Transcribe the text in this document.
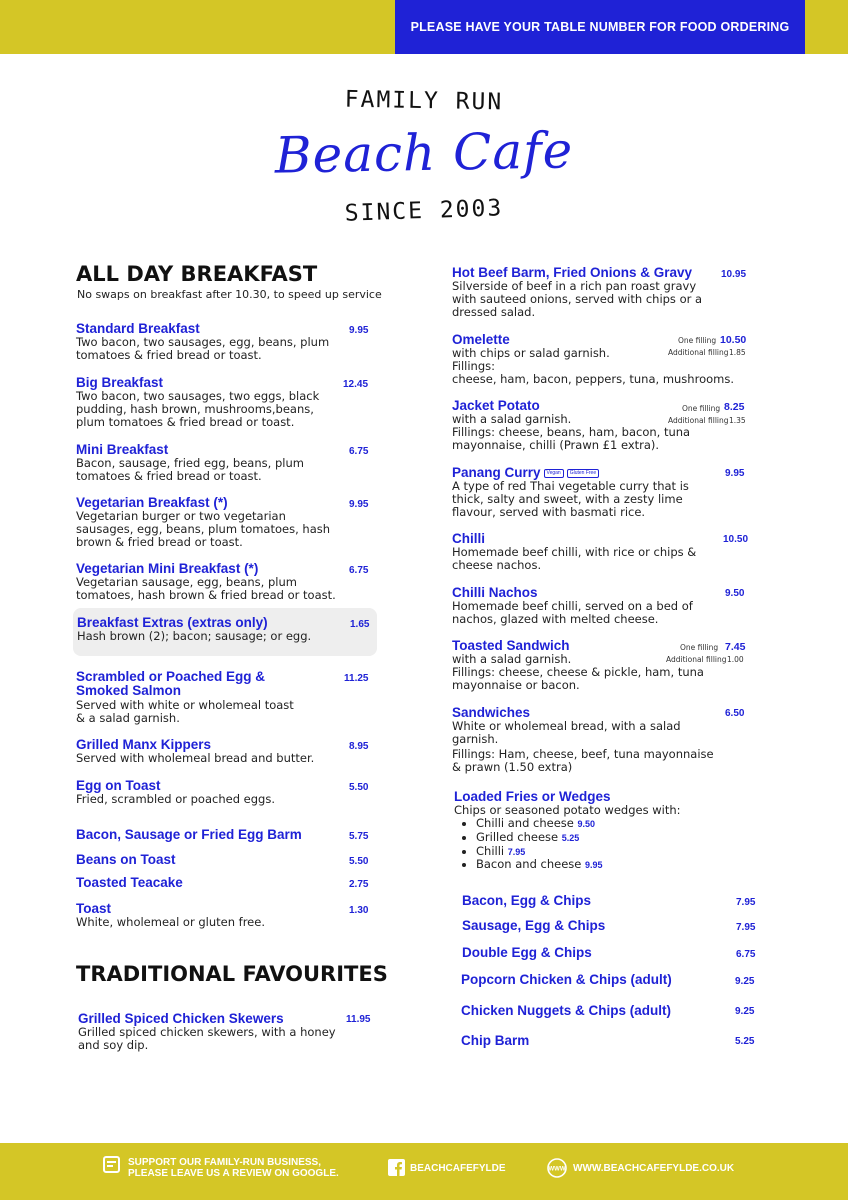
PLEASE HAVE YOUR TABLE NUMBER FOR FOOD ORDERING
FAMILY RUN
Beach Cafe
SINCE 2003
ALL DAY BREAKFAST
No swaps on breakfast after 10.30, to speed up service
Standard Breakfast
Two bacon, two sausages, egg, beans, plum tomatoes & fried bread or toast.
9.95
Big Breakfast
Two bacon, two sausages, two eggs, black pudding, hash brown, mushrooms,beans, plum tomatoes & fried bread or toast.
12.45
Mini Breakfast
Bacon, sausage, fried egg, beans, plum tomatoes & fried bread or toast.
6.75
Vegetarian Breakfast (*)
Vegetarian burger or two vegetarian sausages, egg, beans, plum tomatoes, hash brown & fried bread or toast.
9.95
Vegetarian Mini Breakfast (*)
Vegetarian sausage, egg, beans, plum tomatoes, hash brown & fried bread or toast.
6.75
Breakfast Extras (extras only)
Hash brown (2); bacon; sausage; or egg.
1.65
Scrambled or Poached Egg & Smoked Salmon
Served with white or wholemeal toast & a salad garnish.
11.25
Grilled Manx Kippers
Served with wholemeal bread and butter.
8.95
Egg on Toast
Fried, scrambled or poached eggs.
5.50
Bacon, Sausage or Fried Egg Barm	5.75
Beans on Toast	5.50
Toasted Teacake	2.75
Toast
White, wholemeal or gluten free.
1.30
TRADITIONAL FAVOURITES
Grilled Spiced Chicken Skewers
Grilled spiced chicken skewers, with a honey and soy dip.
11.95
Hot Beef Barm, Fried Onions & Gravy
Silverside of beef in a rich pan roast gravy with sauteed onions, served with chips or a dressed salad.
10.95
Omelette
with chips or salad garnish.
Fillings:
cheese, ham, bacon, peppers, tuna, mushrooms.
One filling 10.50
Additional filling 1.85
Jacket Potato
with a salad garnish.
Fillings: cheese, beans, ham, bacon, tuna mayonnaise, chilli (Prawn £1 extra).
One filling 8.25
Additional filling 1.35
Panang Curry Vegan Gluten Free
A type of red Thai vegetable curry that is thick, salty and sweet, with a zesty lime flavour, served with basmati rice.
9.95
Chilli
Homemade beef chilli, with rice or chips & cheese nachos.
10.50
Chilli Nachos
Homemade beef chilli, served on a bed of nachos, glazed with melted cheese.
9.50
Toasted Sandwich
with a salad garnish.
Fillings: cheese, cheese & pickle, ham, tuna mayonnaise or bacon.
One filling 7.45
Additional filling 1.00
Sandwiches
White or wholemeal bread, with a salad garnish.
Fillings: Ham, cheese, beef, tuna mayonnaise & prawn (1.50 extra)
6.50
Loaded Fries or Wedges
Chips or seasoned potato wedges with:
• Chilli and cheese 9.50
• Grilled cheese 5.25
• Chilli 7.95
• Bacon and cheese 9.95
Bacon, Egg & Chips	7.95
Sausage, Egg & Chips	7.95
Double Egg & Chips	6.75
Popcorn Chicken & Chips (adult)	9.25
Chicken Nuggets & Chips (adult)	9.25
Chip Barm	5.25
SUPPORT OUR FAMILY-RUN BUSINESS,
PLEASE LEAVE US A REVIEW ON GOOGLE.	BEACHCAFEFYLDE	WWW WWW.BEACHCAFEFYLDE.CO.UK
